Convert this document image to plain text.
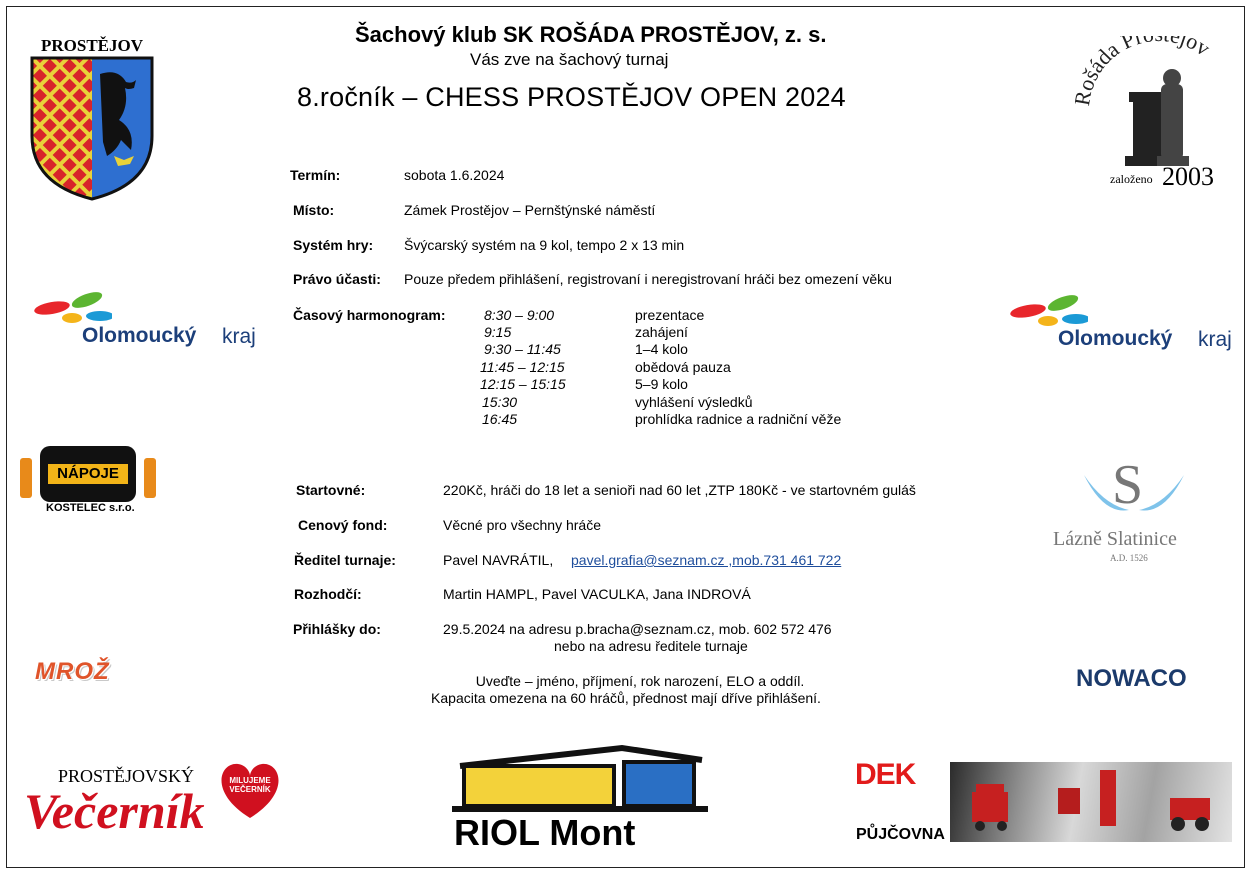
Šachový klub SK ROŠÁDA PROSTĚJOV, z. s.
Vás zve na šachový turnaj
8.ročník – CHESS PROSTĚJOV OPEN 2024
Termín:	sobota 1.6.2024
Místo:	Zámek Prostějov – Pernštýnské náměstí
Systém hry: Švýcarský systém na 9 kol, tempo 2 x 13 min
Právo účasti: Pouze předem přihlášení, registrovaní i neregistrovaní hráči bez omezení věku
Časový harmonogram:	8:30 – 9:00	prezentace
9:15	zahájení
9:30 – 11:45	1–4 kolo
11:45 – 12:15	obědová pauza
12:15 – 15:15	5–9 kolo
15:30	vyhlášení výsledků
16:45	prohlídka radnice a radniční věže
Startovné:	220Kč, hráči do 18 let a senioři nad 60 let ,ZTP 180Kč - ve startovném guláš
Cenový fond:	Věcné pro všechny hráče
Ředitel turnaje:	Pavel NAVRÁTIL, pavel.grafia@seznam.cz ,mob.731 461 722
Rozhodčí:	Martin HAMPL, Pavel VACULKA, Jana INDROVÁ
Přihlášky do:	29.5.2024 na adresu p.bracha@seznam.cz, mob. 602 572 476
nebo na adresu ředitele turnaje
Uveďte – jméno, příjmení, rok narození, ELO a oddíl.
Kapacita omezena na 60 hráčů, přednost mají dříve přihlášení.
PROSTĚJOV
ošáda Pr jov
založeno 2003
Olomoucký kraj	Olomoucký kraj
NÁPOJE
KOSTELEC s.r.o.	S
Lázně Slatinice
A.D. 1526
MROŽ	NOWACO
PROSTĚJOVSKÝ
Večerník
MILUJEME VEČERNÍK
RIOL Mont
DEK
PŮJČOVNA
